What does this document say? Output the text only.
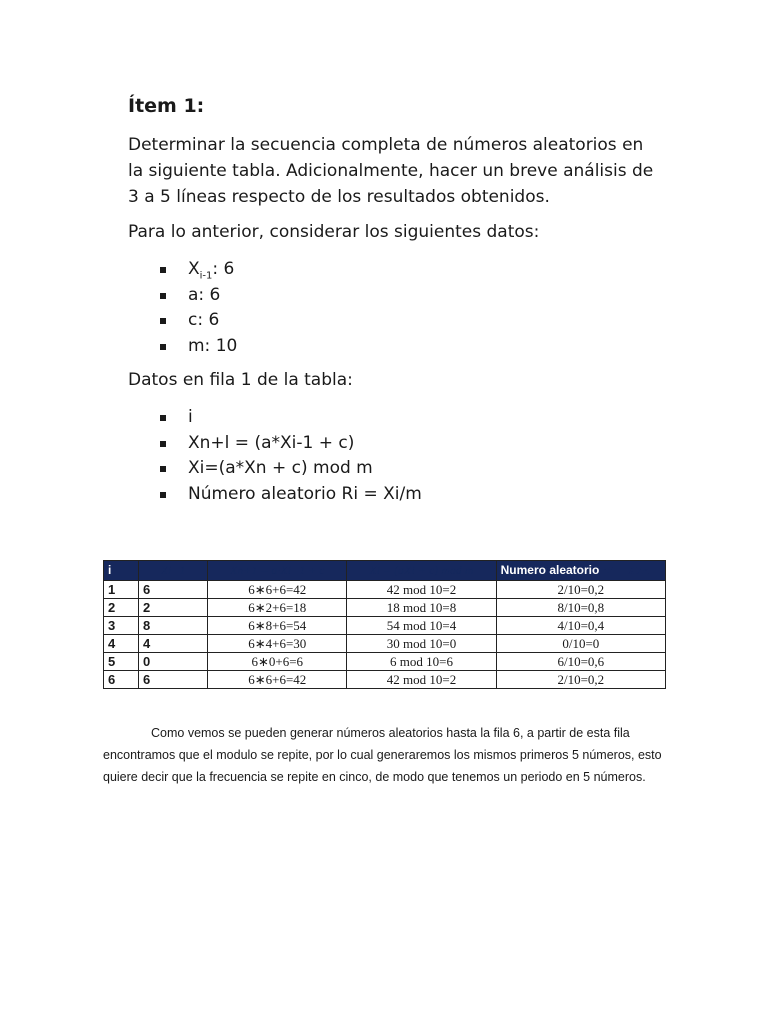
Ítem 1:
Determinar la secuencia completa de números aleatorios en la siguiente tabla. Adicionalmente, hacer un breve análisis de 3 a 5 líneas respecto de los resultados obtenidos.
Para lo anterior, considerar los siguientes datos:
$X_{i-1}$: 6
a: 6
c: 6
m: 10
Datos en fila 1 de la tabla:
i
Xn+l = (a*Xi-1 + c)
Xi=(a*Xn + c) mod m
Número aleatorio Ri = Xi/m
i	Xi−1	Xn+1 = a·Xi−1 + c	Xi = (aXi + c) mod m	Numero aleatorio Ri = Xi/m
1	6	6∗6+6=42	42 mod 10=2	2/10=0,2
2	2	6∗2+6=18	18 mod 10=8	8/10=0,8
3	8	6∗8+6=54	54 mod 10=4	4/10=0,4
4	4	6∗4+6=30	30 mod 10=0	0/10=0
5	0	6∗0+6=6	6 mod 10=6	6/10=0,6
6	6	6∗6+6=42	42 mod 10=2	2/10=0,2

Como vemos se pueden generar números aleatorios hasta la fila 6, a partir de esta fila encontramos que el modulo se repite, por lo cual generaremos los mismos primeros 5 números, esto quiere decir que la frecuencia se repite en cinco, de modo que tenemos un periodo en 5 números.
